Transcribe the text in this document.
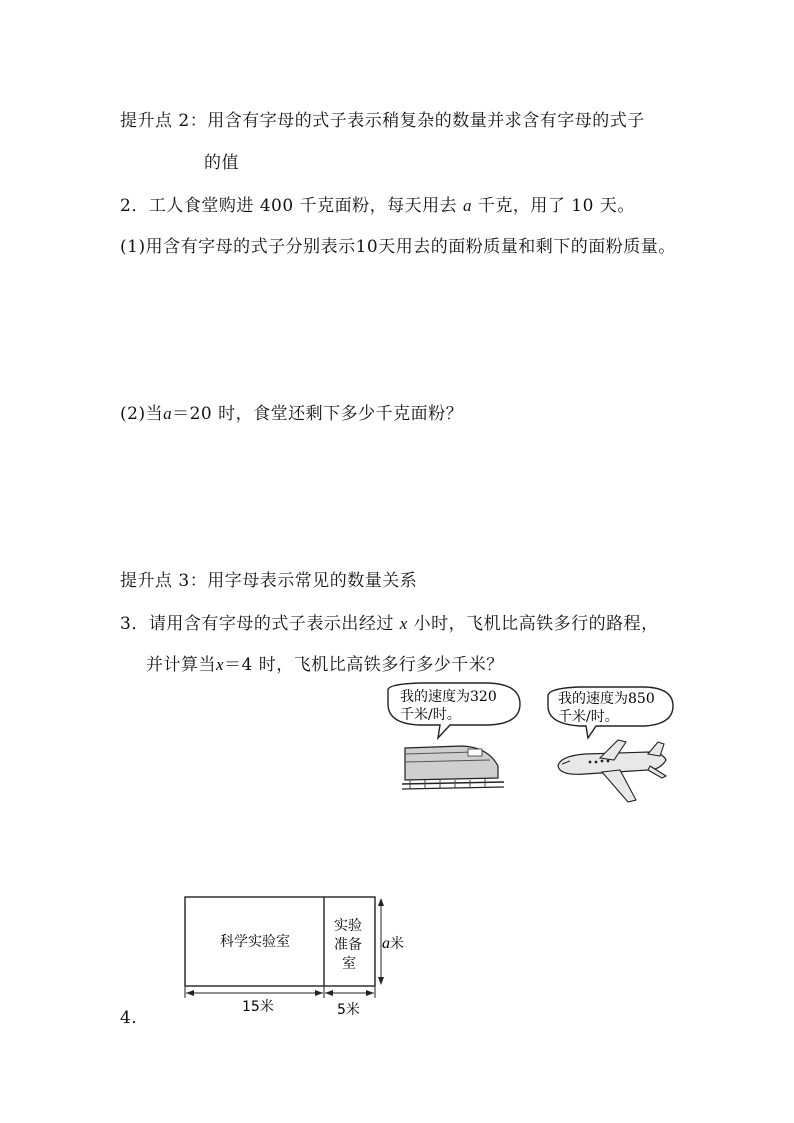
提升点 2：用含有字母的式子表示稍复杂的数量并求含有字母的式子
的值
2．工人食堂购进 400 千克面粉，每天用去 a 千克，用了 10 天。
(1)用含有字母的式子分别表示10天用去的面粉质量和剩下的面粉质量。
(2)当a＝20 时，食堂还剩下多少千克面粉？
提升点 3：用字母表示常见的数量关系
3．请用含有字母的式子表示出经过 x 小时，飞机比高铁多行的路程，
并计算当x＝4 时，飞机比高铁多行多少千米？
我的速度为320
千米/时。
我的速度为850
千米/时。
科学实验室
实验
准备
室
a米
15米	5米
4．
